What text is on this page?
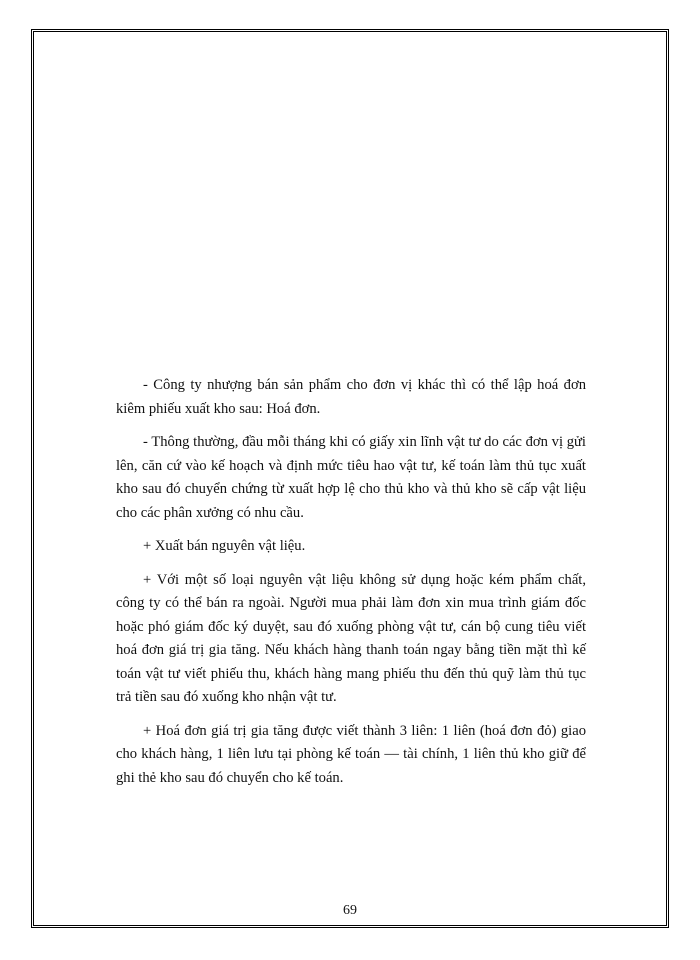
- Công ty nhượng bán sản phẩm cho đơn vị khác thì có thể lập hoá đơn kiêm phiếu xuất kho sau: Hoá đơn.

- Thông thường, đầu mỗi tháng khi có giấy xin lĩnh vật tư do các đơn vị gửi lên, căn cứ vào kế hoạch và định mức tiêu hao vật tư, kế toán làm thủ tục xuất kho sau đó chuyển chứng từ xuất hợp lệ cho thủ kho và thủ kho sẽ cấp vật liệu cho các phân xưởng có nhu cầu.

+ Xuất bán nguyên vật liệu.

+ Với một số loại nguyên vật liệu không sử dụng hoặc kém phẩm chất, công ty có thể bán ra ngoài. Người mua phải làm đơn xin mua trình giám đốc hoặc phó giám đốc ký duyệt, sau đó xuống phòng vật tư, cán bộ cung tiêu viết hoá đơn giá trị gia tăng. Nếu khách hàng thanh toán ngay bằng tiền mặt thì kế toán vật tư viết phiếu thu, khách hàng mang phiếu thu đến thủ quỹ làm thủ tục trả tiền sau đó xuống kho nhận vật tư.

+ Hoá đơn giá trị gia tăng được viết thành 3 liên: 1 liên (hoá đơn đỏ) giao cho khách hàng, 1 liên lưu tại phòng kế toán — tài chính, 1 liên thủ kho giữ để ghi thẻ kho sau đó chuyển cho kế toán.

69
